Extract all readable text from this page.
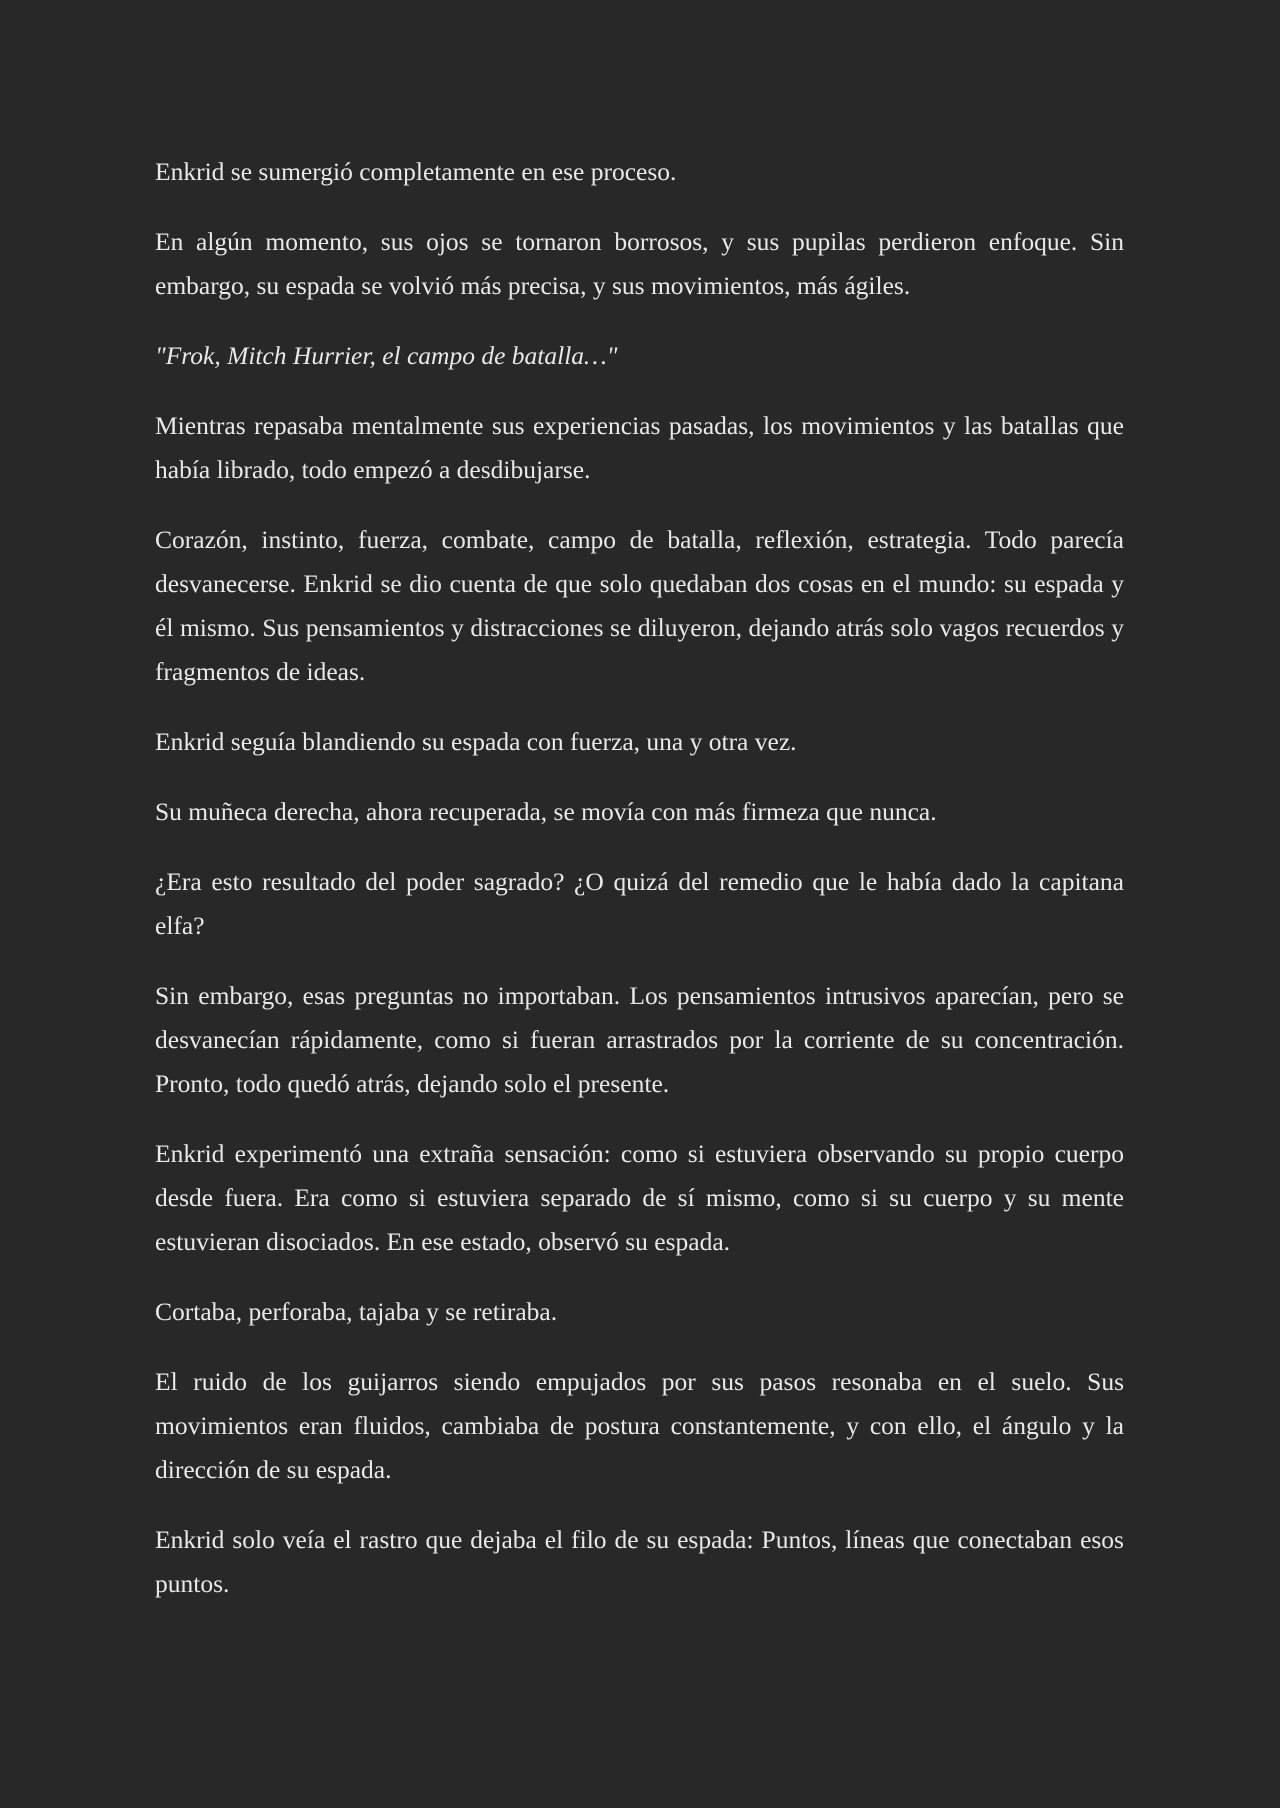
Enkrid se sumergió completamente en ese proceso.

En algún momento, sus ojos se tornaron borrosos, y sus pupilas perdieron enfoque. Sin embargo, su espada se volvió más precisa, y sus movimientos, más ágiles.

"Frok, Mitch Hurrier, el campo de batalla…"

Mientras repasaba mentalmente sus experiencias pasadas, los movimientos y las batallas que había librado, todo empezó a desdibujarse.

Corazón, instinto, fuerza, combate, campo de batalla, reflexión, estrategia. Todo parecía desvanecerse. Enkrid se dio cuenta de que solo quedaban dos cosas en el mundo: su espada y él mismo. Sus pensamientos y distracciones se diluyeron, dejando atrás solo vagos recuerdos y fragmentos de ideas.

Enkrid seguía blandiendo su espada con fuerza, una y otra vez.

Su muñeca derecha, ahora recuperada, se movía con más firmeza que nunca.

¿Era esto resultado del poder sagrado? ¿O quizá del remedio que le había dado la capitana elfa?

Sin embargo, esas preguntas no importaban. Los pensamientos intrusivos aparecían, pero se desvanecían rápidamente, como si fueran arrastrados por la corriente de su concentración. Pronto, todo quedó atrás, dejando solo el presente.

Enkrid experimentó una extraña sensación: como si estuviera observando su propio cuerpo desde fuera. Era como si estuviera separado de sí mismo, como si su cuerpo y su mente estuvieran disociados. En ese estado, observó su espada.

Cortaba, perforaba, tajaba y se retiraba.

El ruido de los guijarros siendo empujados por sus pasos resonaba en el suelo. Sus movimientos eran fluidos, cambiaba de postura constantemente, y con ello, el ángulo y la dirección de su espada.

Enkrid solo veía el rastro que dejaba el filo de su espada: Puntos, líneas que conectaban esos puntos.
